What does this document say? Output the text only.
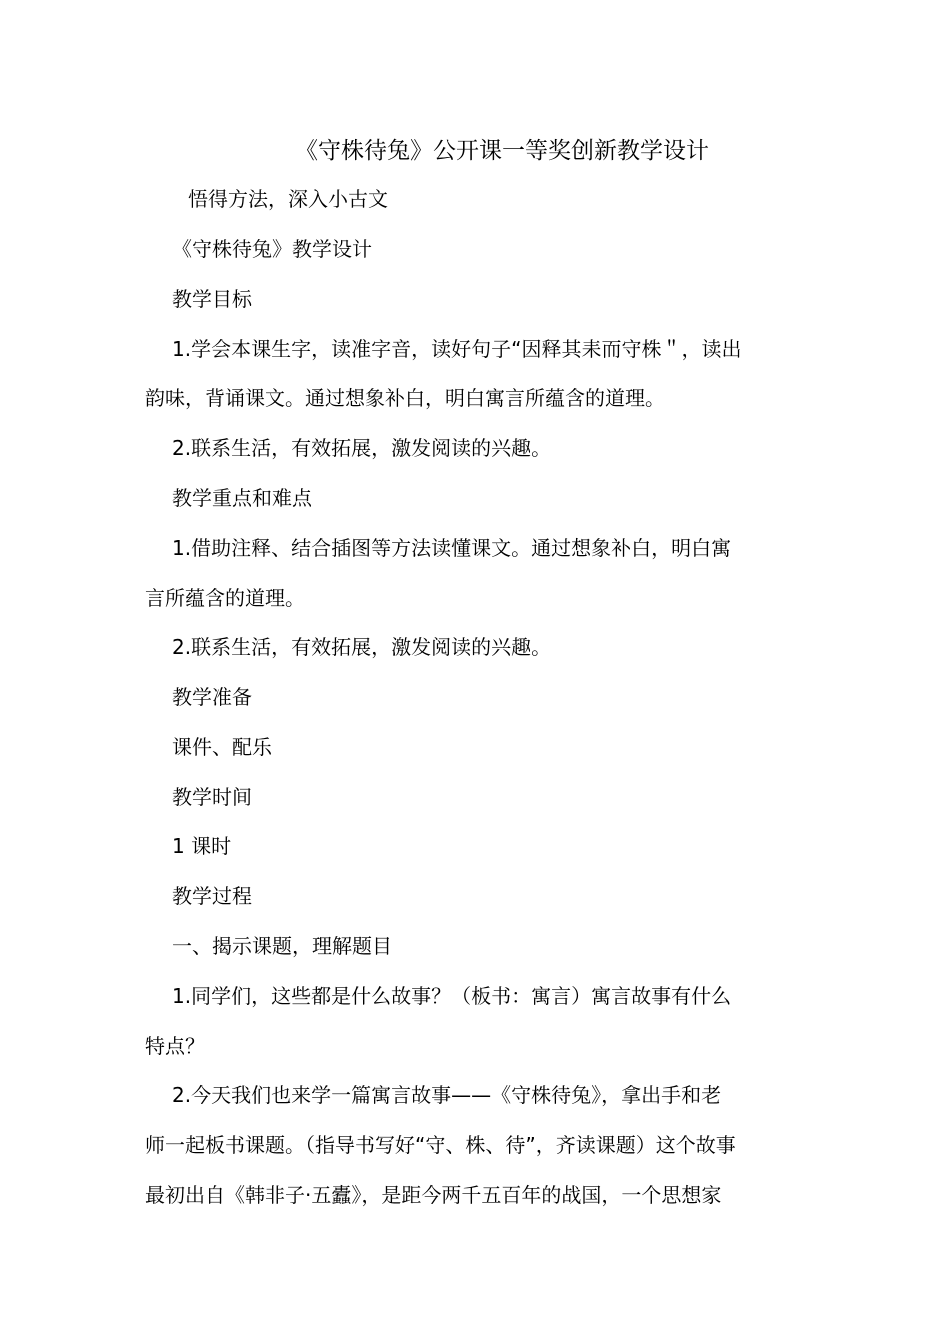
《守株待兔》公开课一等奖创新教学设计
悟得方法，深入小古文
《守株待兔》教学设计
教学目标
1.学会本课生字，读准字音，读好句子“因释其耒而守株＂，读出
韵味，背诵课文。通过想象补白，明白寓言所蕴含的道理。
2.联系生活，有效拓展，激发阅读的兴趣。
教学重点和难点
1.借助注释、结合插图等方法读懂课文。通过想象补白，明白寓
言所蕴含的道理。
2.联系生活，有效拓展，激发阅读的兴趣。
教学准备
课件、配乐
教学时间
1 课时
教学过程
一、揭示课题，理解题目
1.同学们，这些都是什么故事？（板书：寓言）寓言故事有什么
特点？
2.今天我们也来学一篇寓言故事——《守株待兔》，拿出手和老
师一起板书课题。（指导书写好“守、株、待”，齐读课题）这个故事
最初出自《韩非子·五蠹》，是距今两千五百年的战国，一个思想家
